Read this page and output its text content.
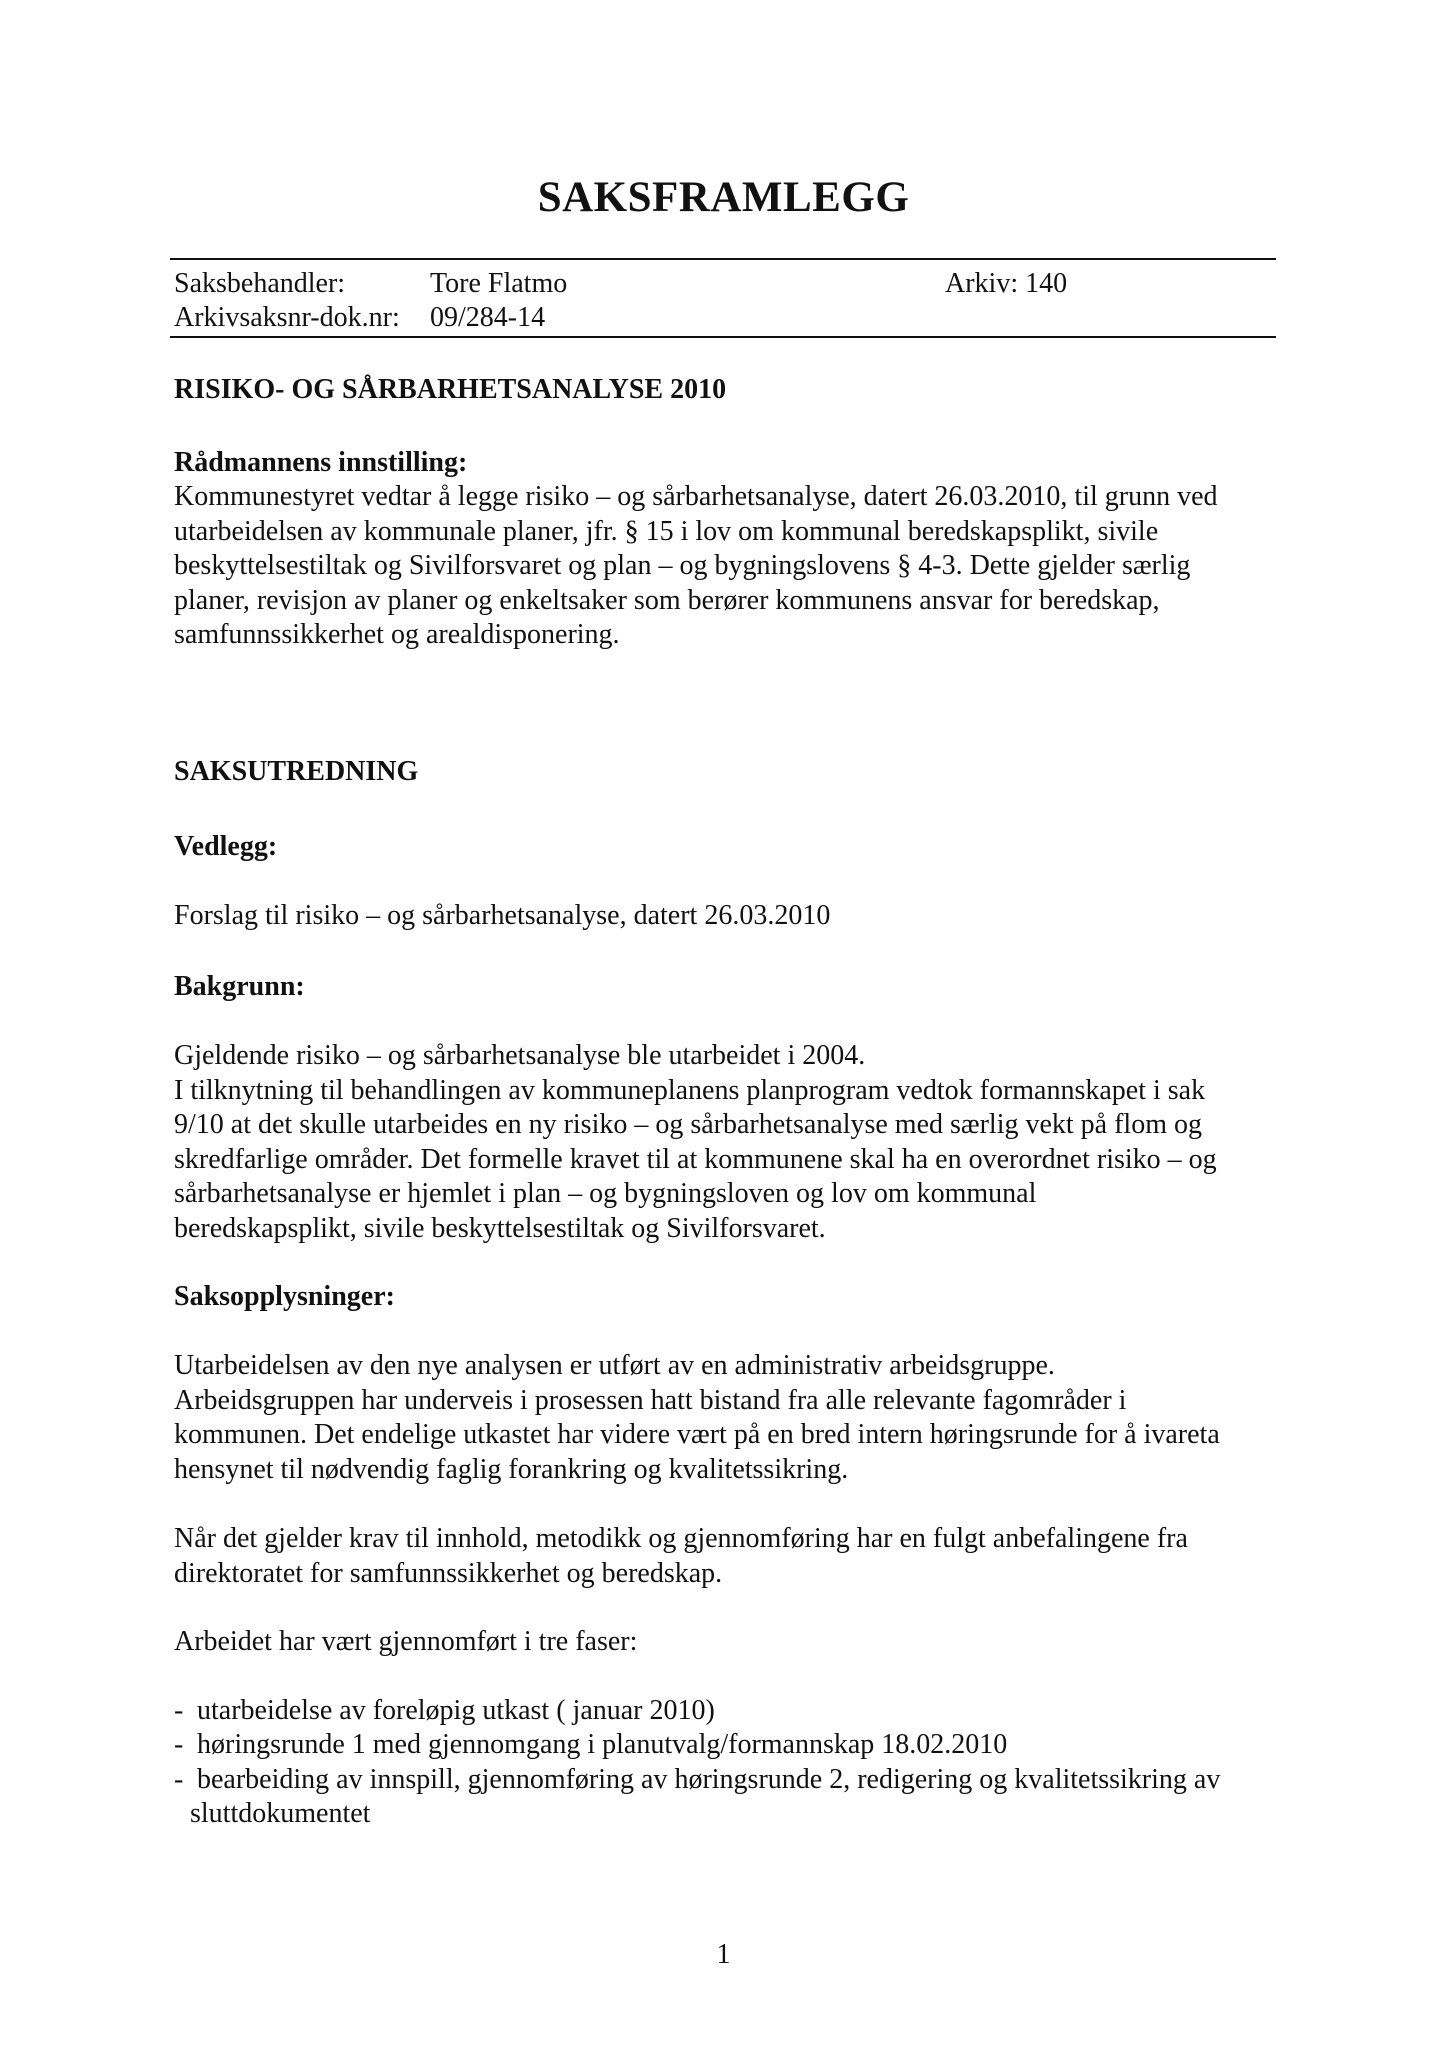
SAKSFRAMLEGG
Saksbehandler:	Tore Flatmo	Arkiv: 140
Arkivsaksnr-dok.nr: 09/284-14
RISIKO- OG SÅRBARHETSANALYSE 2010
Rådmannens innstilling:

Kommunestyret vedtar å legge risiko – og sårbarhetsanalyse, datert 26.03.2010, til grunn ved
utarbeidelsen av kommunale planer, jfr. § 15 i lov om kommunal beredskapsplikt, sivile
beskyttelsestiltak og Sivilforsvaret og plan – og bygningslovens § 4-3. Dette gjelder særlig
planer, revisjon av planer og enkeltsaker som berører kommunens ansvar for beredskap,
samfunnssikkerhet og arealdisponering.

SAKSUTREDNING
Vedlegg:

Forslag til risiko – og sårbarhetsanalyse, datert 26.03.2010

Bakgrunn:

Gjeldende risiko – og sårbarhetsanalyse ble utarbeidet i 2004.
I tilknytning til behandlingen av kommuneplanens planprogram vedtok formannskapet i sak
9/10 at det skulle utarbeides en ny risiko – og sårbarhetsanalyse med særlig vekt på flom og
skredfarlige områder. Det formelle kravet til at kommunene skal ha en overordnet risiko – og
sårbarhetsanalyse er hjemlet i plan – og bygningsloven og lov om kommunal
beredskapsplikt, sivile beskyttelsestiltak og Sivilforsvaret.

Saksopplysninger:

Utarbeidelsen av den nye analysen er utført av en administrativ arbeidsgruppe.
Arbeidsgruppen har underveis i prosessen hatt bistand fra alle relevante fagområder i
kommunen. Det endelige utkastet har videre vært på en bred intern høringsrunde for å ivareta
hensynet til nødvendig faglig forankring og kvalitetssikring.

Når det gjelder krav til innhold, metodikk og gjennomføring har en fulgt anbefalingene fra
direktoratet for samfunnssikkerhet og beredskap.

Arbeidet har vært gjennomført i tre faser:

- utarbeidelse av foreløpig utkast ( januar 2010)
- høringsrunde 1 med gjennomgang i planutvalg/formannskap 18.02.2010
- bearbeiding av innspill, gjennomføring av høringsrunde 2, redigering og kvalitetssikring av
sluttdokumentet
1
